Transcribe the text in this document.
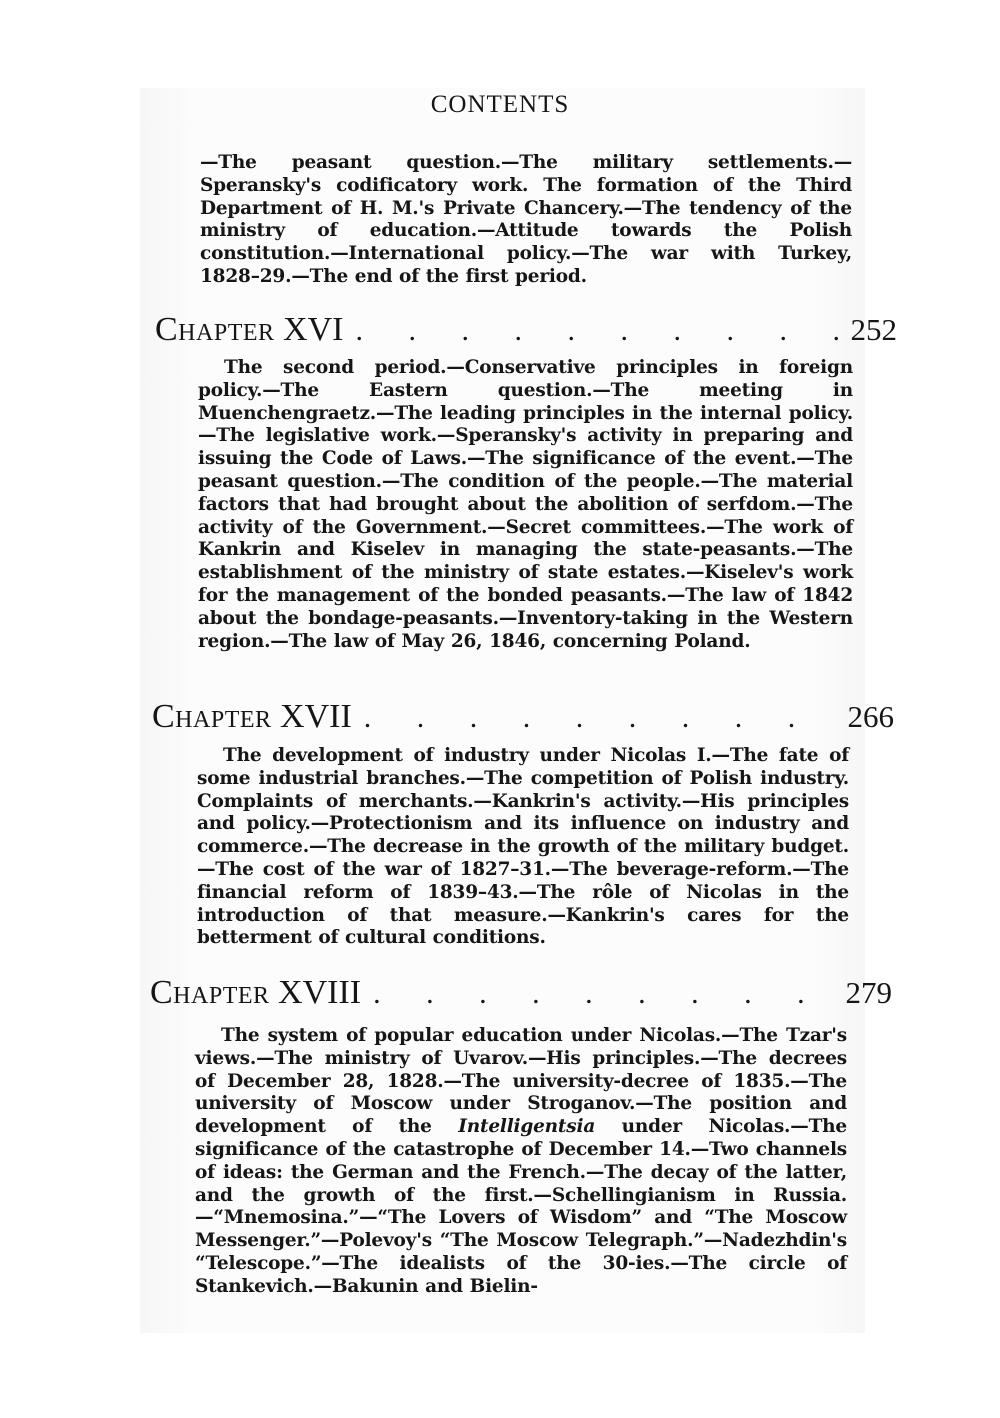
CONTENTS

—The peasant question.—The military settlements.—Speransky's codificatory work. The formation of the Third Department of H. M.'s Private Chancery.—The tendency of the ministry of education.—Attitude towards the Polish constitution.—International policy.—The war with Turkey, 1828–29.—The end of the first period.

Chapter
XVI . . .	252

The second period.—Conservative principles in foreign policy.—The Eastern question.—The meeting in Muenchengraetz.—The leading principles in the internal policy.—The legislative work.—Speransky's activity in preparing and issuing the Code of Laws.—The significance of the event.—The peasant question.—The condition of the people.—The material factors that had brought about the abolition of serfdom.—The activity of the Government.—Secret committees.—The work of Kankrin and Kiselev in managing the state-peasants.—The establishment of the ministry of state estates.—Kiselev's work for the management of the bonded peasants.—The law of 1842 about the bondage-peasants.—Inventory-taking in the Western region.—The law of May 26, 1846, concerning Poland.

Chapter
XVII . . .	266

The development of industry under Nicolas I.—The fate of some industrial branches.—The competition of Polish industry. Complaints of merchants.—Kankrin's activity.—His principles and policy.—Protectionism and its influence on industry and commerce.—The decrease in the growth of the military budget.—The cost of the war of 1827–31.—The beverage-reform.—The financial reform of 1839–43.—The rôle of Nicolas in the introduction of that measure.—Kankrin's cares for the betterment of cultural conditions.

Chapter
XVIII . . .	279

The system of popular education under Nicolas.—The Tzar's views.—The ministry of Uvarov.—His principles.—The decrees of December 28, 1828.—The university-decree of 1835.—The university of Moscow under Stroganov.—The position and development of the Intelligentsia under Nicolas.—The significance of the catastrophe of December 14.—Two channels of ideas: the German and the French.—The decay of the latter, and the growth of the first.—Schellingianism in Russia.—“Mnemosina.”—“The Lovers of Wisdom” and “The Moscow Messenger.”—Polevoy's “The Moscow Telegraph.”—Nadezhdin's “Telescope.”—The idealists of the 30-ies.—The circle of Stankevich.—Bakunin and Bielin-
